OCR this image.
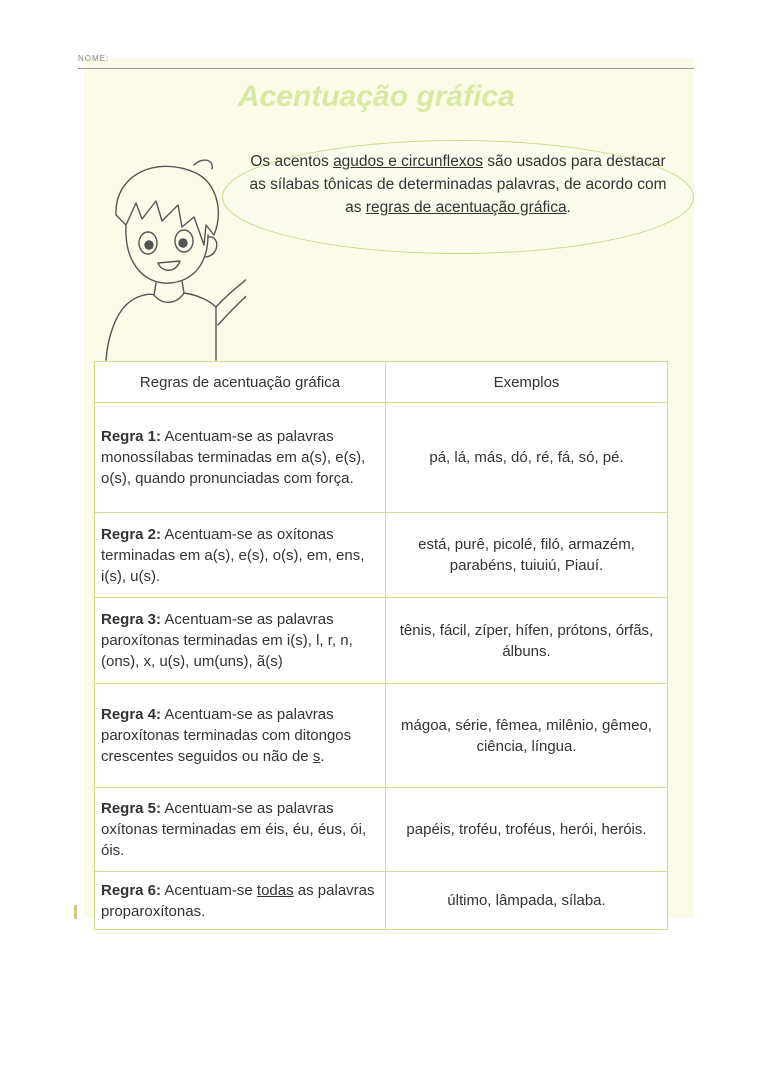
NOME:
Acentuação gráfica
Os acentos agudos e circunflexos são usados para destacar as sílabas tônicas de determinadas palavras, de acordo com as regras de acentuação gráfica.
Regras de acentuação gráfica	Exemplos
Regra 1: Acentuam-se as palavras monossílabas terminadas em a(s), e(s), o(s), quando pronunciadas com força.	pá, lá, más, dó, ré, fá, só, pé.
Regra 2: Acentuam-se as oxítonas terminadas em a(s), e(s), o(s), em, ens, i(s), u(s).	está, purê, picolé, filó, armazém, parabéns, tuiuiú, Piauí.
Regra 3: Acentuam-se as palavras paroxítonas terminadas em i(s), l, r, n, (ons), x, u(s), um(uns), ã(s)	tênis, fácil, zíper, hífen, prótons, órfãs, álbuns.
Regra 4: Acentuam-se as palavras paroxítonas terminadas com ditongos crescentes seguidos ou não de s.	mágoa, série, fêmea, milênio, gêmeo, ciência, língua.
Regra 5: Acentuam-se as palavras oxítonas terminadas em éis, éu, éus, ói, óis.	papéis, troféu, troféus, herói, heróis.
Regra 6: Acentuam-se todas as palavras proparoxítonas.	último, lâmpada, sílaba.
